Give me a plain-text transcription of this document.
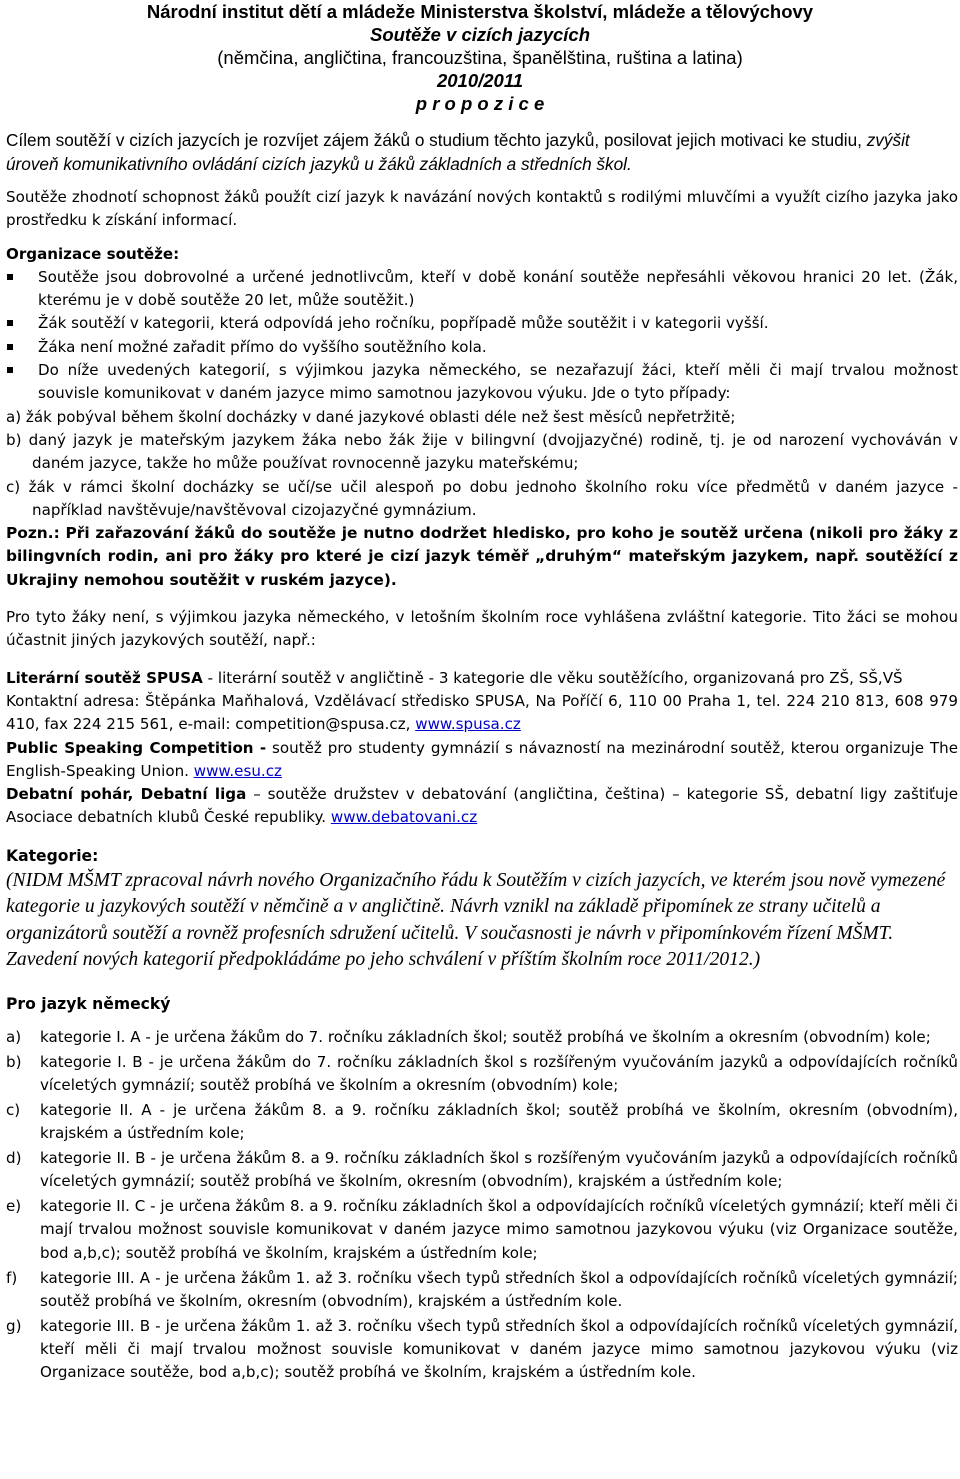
Národní institut dětí a mládeže Ministerstva školství, mládeže a tělovýchovy
Soutěže v cizích jazycích
(němčina, angličtina, francouzština, španělština, ruština a latina)
2010/2011
p r o p o z i c e
Cílem soutěží v cizích jazycích je rozvíjet zájem žáků o studium těchto jazyků, posilovat jejich motivaci ke studiu, zvýšit úroveň komunikativního ovládání cizích jazyků u žáků základních a středních škol.

Soutěže zhodnotí schopnost žáků použít cizí jazyk k navázání nových kontaktů s rodilými mluvčími a využít cizího jazyka jako prostředku k získání informací.

Organizace soutěže:
Soutěže jsou dobrovolné a určené jednotlivcům, kteří v době konání soutěže nepřesáhli věkovou hranici 20 let. (Žák, kterému je v době soutěže 20 let, může soutěžit.)
Žák soutěží v kategorii, která odpovídá jeho ročníku, popřípadě může soutěžit i v kategorii vyšší.
Žáka není možné zařadit přímo do vyššího soutěžního kola.
Do níže uvedených kategorií, s výjimkou jazyka německého, se nezařazují žáci, kteří měli či mají trvalou možnost souvisle komunikovat v daném jazyce mimo samotnou jazykovou výuku. Jde o tyto případy:
a) žák pobýval během školní docházky v dané jazykové oblasti déle než šest měsíců nepřetržitě;
b) daný jazyk je mateřským jazykem žáka nebo žák žije v bilingvní (dvojjazyčné) rodině, tj. je od narození vychováván v daném jazyce, takže ho může používat rovnocenně jazyku mateřskému;
c) žák v rámci školní docházky se učí/se učil alespoň po dobu jednoho školního roku více předmětů v daném jazyce - například navštěvuje/navštěvoval cizojazyčné gymnázium.
Pozn.: Při zařazování žáků do soutěže je nutno dodržet hledisko, pro koho je soutěž určena (nikoli pro žáky z bilingvních rodin, ani pro žáky pro které je cizí jazyk téměř „druhým“ mateřským jazykem, např. soutěžící z Ukrajiny nemohou soutěžit v ruském jazyce).

Pro tyto žáky není, s výjimkou jazyka německého, v letošním školním roce vyhlášena zvláštní kategorie. Tito žáci se mohou účastnit jiných jazykových soutěží, např.:

Literární soutěž SPUSA - literární soutěž v angličtině - 3 kategorie dle věku soutěžícího, organizovaná pro ZŠ, SŠ,VŠ
Kontaktní adresa: Štěpánka Maňhalová, Vzdělávací středisko SPUSA, Na Poříčí 6, 110 00 Praha 1, tel. 224 210 813, 608 979 410, fax 224 215 561, e-mail: competition@spusa.cz, www.spusa.cz
Public Speaking Competition - soutěž pro studenty gymnázií s návazností na mezinárodní soutěž, kterou organizuje The English-Speaking Union. www.esu.cz
Debatní pohár, Debatní liga – soutěže družstev v debatování (angličtina, čeština) – kategorie SŠ, debatní ligy zaštiťuje Asociace debatních klubů České republiky. www.debatovani.cz
Kategorie:
(NIDM MŠMT zpracoval návrh nového Organizačního řádu k Soutěžím v cizích jazycích, ve kterém jsou nově vymezené kategorie u jazykových soutěží v němčině a v angličtině. Návrh vznikl na základě připomínek ze strany učitelů a organizátorů soutěží a rovněž profesních sdružení učitelů. V současnosti je návrh v připomínkovém řízení MŠMT. Zavedení nových kategorií předpokládáme po jeho schválení v příštím školním roce 2011/2012.)
Pro jazyk německý
a) kategorie I. A - je určena žákům do 7. ročníku základních škol; soutěž probíhá ve školním a okresním (obvodním) kole;
b) kategorie I. B - je určena žákům do 7. ročníku základních škol s rozšířeným vyučováním jazyků a odpovídajících ročníků víceletých gymnázií; soutěž probíhá ve školním a okresním (obvodním) kole;
c) kategorie II. A - je určena žákům 8. a 9. ročníku základních škol; soutěž probíhá ve školním, okresním (obvodním), krajském a ústředním kole;
d) kategorie II. B - je určena žákům 8. a 9. ročníku základních škol s rozšířeným vyučováním jazyků a odpovídajících ročníků víceletých gymnázií; soutěž probíhá ve školním, okresním (obvodním), krajském a ústředním kole;
e) kategorie II. C - je určena žákům 8. a 9. ročníku základních škol a odpovídajících ročníků víceletých gymnázií; kteří měli či mají trvalou možnost souvisle komunikovat v daném jazyce mimo samotnou jazykovou výuku (viz Organizace soutěže, bod a,b,c); soutěž probíhá ve školním, krajském a ústředním kole;
f) kategorie III. A - je určena žákům 1. až 3. ročníku všech typů středních škol a odpovídajících ročníků víceletých gymnázií; soutěž probíhá ve školním, okresním (obvodním), krajském a ústředním kole.
g) kategorie III. B - je určena žákům 1. až 3. ročníku všech typů středních škol a odpovídajících ročníků víceletých gymnázií, kteří měli či mají trvalou možnost souvisle komunikovat v daném jazyce mimo samotnou jazykovou výuku (viz Organizace soutěže, bod a,b,c); soutěž probíhá ve školním, krajském a ústředním kole.
